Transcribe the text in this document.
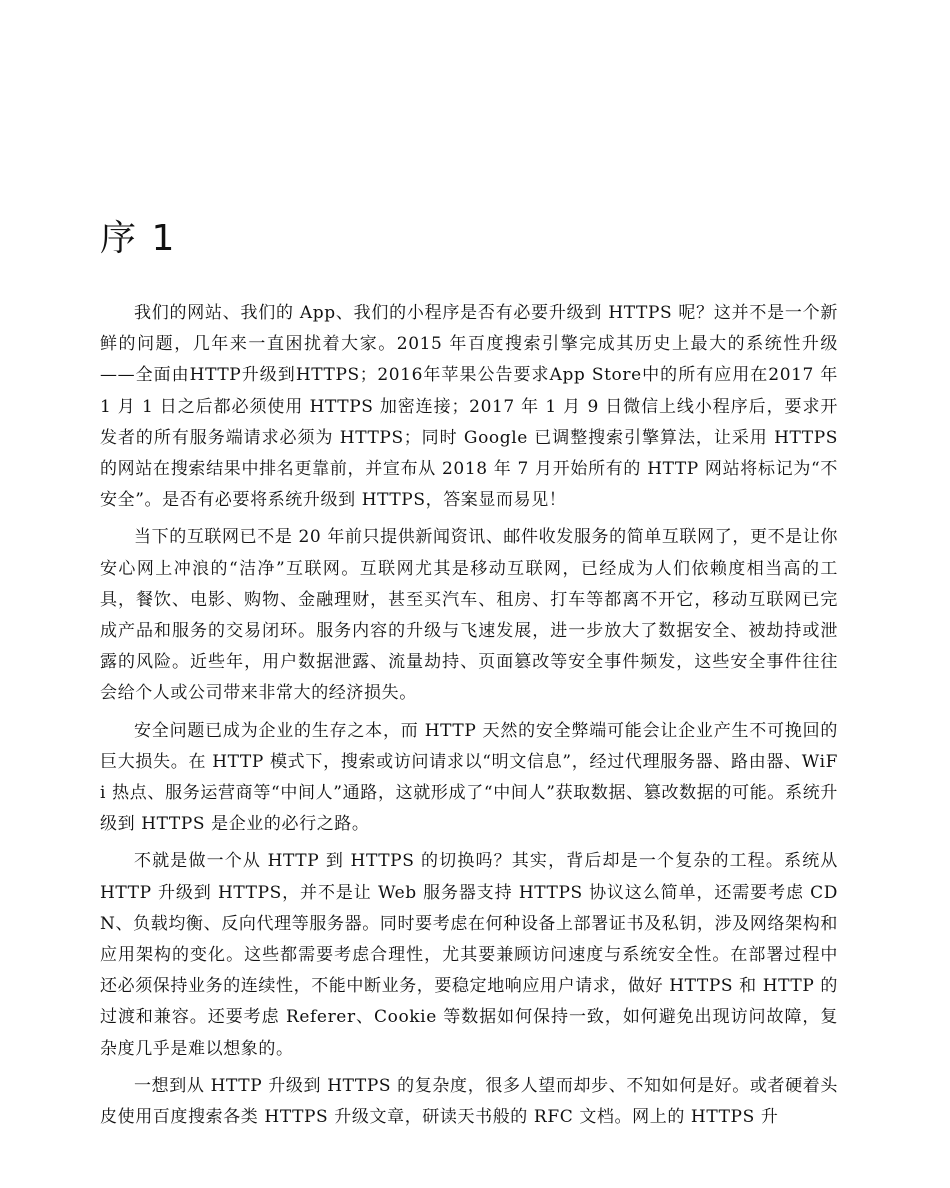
序 1

我们的网站、我们的 App、我们的小程序是否有必要升级到 HTTPS 呢？这并不是一个新鲜的问题，几年来一直困扰着大家。2015 年百度搜索引擎完成其历史上最大的系统性升级——全面由HTTP升级到HTTPS；2016年苹果公告要求App Store中的所有应用在2017 年 1 月 1 日之后都必须使用 HTTPS 加密连接；2017 年 1 月 9 日微信上线小程序后，要求开发者的所有服务端请求必须为 HTTPS；同时 Google 已调整搜索引擎算法，让采用 HTTPS 的网站在搜索结果中排名更靠前，并宣布从 2018 年 7 月开始所有的 HTTP 网站将标记为“不安全”。是否有必要将系统升级到 HTTPS，答案显而易见！

当下的互联网已不是 20 年前只提供新闻资讯、邮件收发服务的简单互联网了，更不是让你安心网上冲浪的“洁净”互联网。互联网尤其是移动互联网，已经成为人们依赖度相当高的工具，餐饮、电影、购物、金融理财，甚至买汽车、租房、打车等都离不开它，移动互联网已完成产品和服务的交易闭环。服务内容的升级与飞速发展，进一步放大了数据安全、被劫持或泄露的风险。近些年，用户数据泄露、流量劫持、页面篡改等安全事件频发，这些安全事件往往会给个人或公司带来非常大的经济损失。

安全问题已成为企业的生存之本，而 HTTP 天然的安全弊端可能会让企业产生不可挽回的巨大损失。在 HTTP 模式下，搜索或访问请求以“明文信息”，经过代理服务器、路由器、WiFi 热点、服务运营商等“中间人”通路，这就形成了“中间人”获取数据、篡改数据的可能。系统升级到 HTTPS 是企业的必行之路。

不就是做一个从 HTTP 到 HTTPS 的切换吗？其实，背后却是一个复杂的工程。系统从 HTTP 升级到 HTTPS，并不是让 Web 服务器支持 HTTPS 协议这么简单，还需要考虑 CDN、负载均衡、反向代理等服务器。同时要考虑在何种设备上部署证书及私钥，涉及网络架构和应用架构的变化。这些都需要考虑合理性，尤其要兼顾访问速度与系统安全性。在部署过程中还必须保持业务的连续性，不能中断业务，要稳定地响应用户请求，做好 HTTPS 和 HTTP 的过渡和兼容。还要考虑 Referer、Cookie 等数据如何保持一致，如何避免出现访问故障，复杂度几乎是难以想象的。

一想到从 HTTP 升级到 HTTPS 的复杂度，很多人望而却步、不知如何是好。或者硬着头皮使用百度搜索各类 HTTPS 升级文章，研读天书般的 RFC 文档。网上的 HTTPS 升
